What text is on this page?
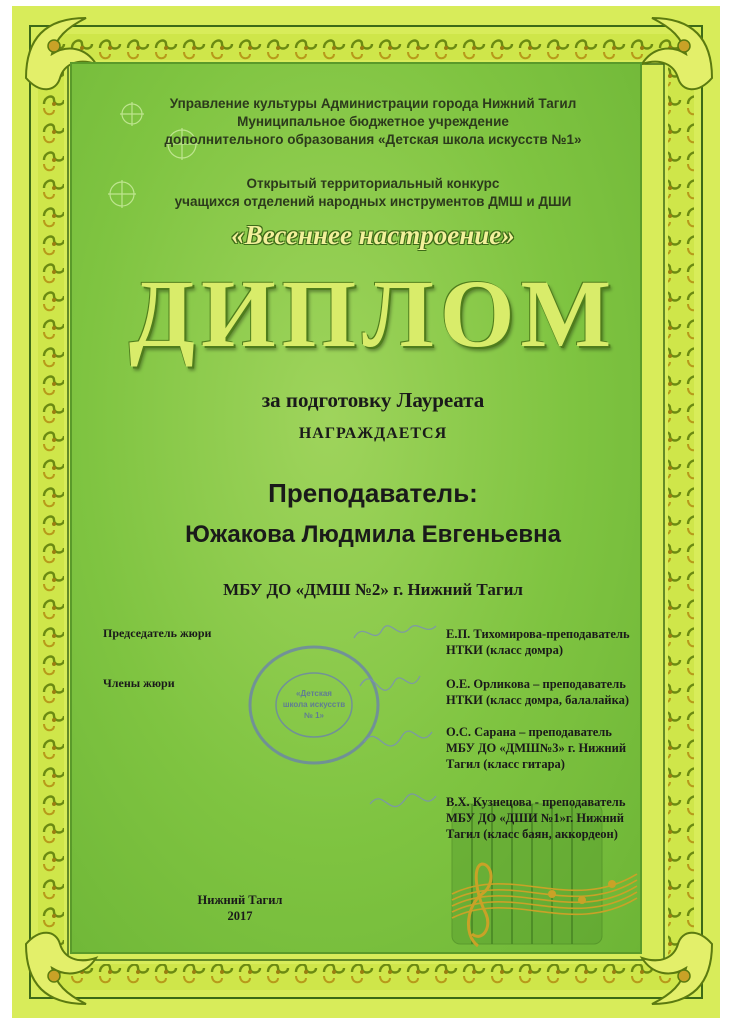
Управление культуры Администрации города Нижний Тагил
Муниципальное бюджетное учреждение
дополнительного образования «Детская школа искусств №1»
Открытый территориальный конкурс
учащихся отделений народных инструментов ДМШ и ДШИ
«Весеннее настроение»
ДИПЛОМ
за подготовку Лауреата
НАГРАЖДАЕТСЯ
Преподаватель:
Южакова Людмила Евгеньевна
МБУ ДО «ДМШ №2» г. Нижний Тагил
Председатель жюри
Члены жюри
Е.П. Тихомирова-преподаватель
НТКИ (класс домра)
О.Е. Орликова – преподаватель
НТКИ (класс домра, балалайка)
О.С. Сарана – преподаватель
МБУ ДО «ДМШ№3» г. Нижний
Тагил (класс гитара)
В.Х. Кузнецова - преподаватель
МБУ ДО «ДШИ №1»г. Нижний
Тагил (класс баян, аккордеон)
«Детская
школа искусств
№ 1»
Нижний Тагил
2017
